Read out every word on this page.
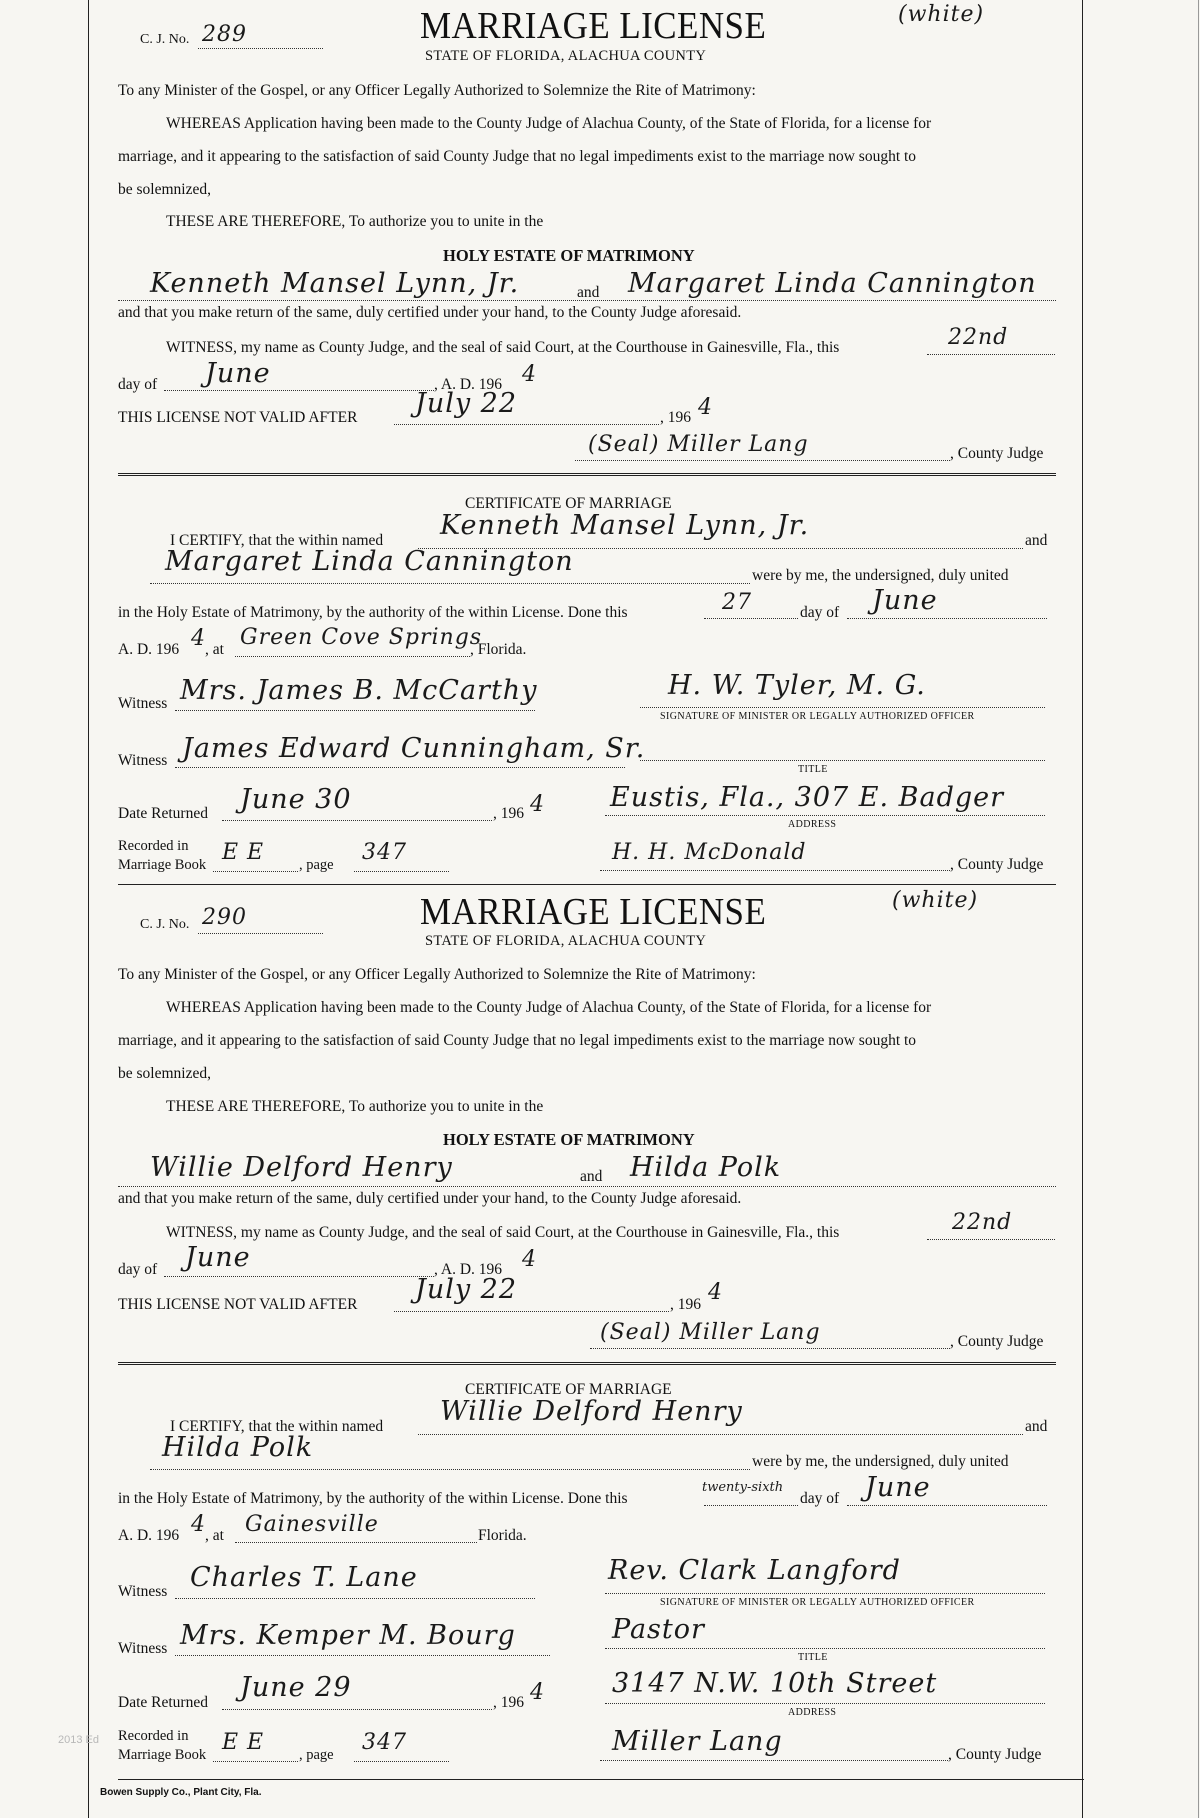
C. J. No. 289	MARRIAGE LICENSE	(white)
STATE OF FLORIDA, ALACHUA COUNTY
To any Minister of the Gospel, or any Officer Legally Authorized to Solemnize the Rite of Matrimony:
WHEREAS Application having been made to the County Judge of Alachua County, of the State of Florida, for a license for
marriage, and it appearing to the satisfaction of said County Judge that no legal impediments exist to the marriage now sought to
be solemnized,
THESE ARE THEREFORE, To authorize you to unite in the
HOLY ESTATE OF MATRIMONY
Kenneth Mansel Lynn, Jr.	and Margaret Linda Cannington
and that you make return of the same, duly certified under your hand, to the County Judge aforesaid.
WITNESS, my name as County Judge, and the seal of said Court, at the Courthouse in Gainesville, Fla., this	22nd
day of June	, A. D. 196 4
THIS LICENSE NOT VALID AFTER July 22	, 196 4
(Seal) Miller Lang	, County Judge
CERTIFICATE OF MARRIAGE
I CERTIFY, that the within named Kenneth Mansel Lynn, Jr.	and
Margaret Linda Cannington	were by me, the undersigned, duly united
in the Holy Estate of Matrimony, by the authority of the within License. Done this	27	day of June
A. D. 196 4 , at Green Cove Springs
, Florida.
Witness Mrs. James B. McCarthy	H. W. Tyler, M. G.
SIGNATURE OF MINISTER OR LEGALLY AUTHORIZED OFFICER
Witness James Edward Cunningham, Sr.
TITLE
Date Returned June 30	, 196 4 Eustis, Fla., 307 E. Badger
ADDRESS
Recorded in
Marriage Book E E , page 347	H. H. McDonald	, County Judge
C. J. No. 290	MARRIAGE LICENSE	(white)
STATE OF FLORIDA, ALACHUA COUNTY
To any Minister of the Gospel, or any Officer Legally Authorized to Solemnize the Rite of Matrimony:
WHEREAS Application having been made to the County Judge of Alachua County, of the State of Florida, for a license for
marriage, and it appearing to the satisfaction of said County Judge that no legal impediments exist to the marriage now sought to
be solemnized,
THESE ARE THEREFORE, To authorize you to unite in the
HOLY ESTATE OF MATRIMONY
Willie Delford Henry	and Hilda Polk
and that you make return of the same, duly certified under your hand, to the County Judge aforesaid.
WITNESS, my name as County Judge, and the seal of said Court, at the Courthouse in Gainesville, Fla., this	22nd
day of June	, A. D. 196 4
THIS LICENSE NOT VALID AFTER July 22	, 196 4
(Seal) Miller Lang	, County Judge
CERTIFICATE OF MARRIAGE
I CERTIFY, that the within named Willie Delford Henry	and
Hilda Polk	were by me, the undersigned, duly united
in the Holy Estate of Matrimony, by the authority of the within License. Done this
twenty-sixth
day of June
A. D. 196 4 , at Gainesville	Florida.
Witness Charles T. Lane	Rev. Clark Langford
SIGNATURE OF MINISTER OR LEGALLY AUTHORIZED OFFICER
Witness Mrs. Kemper M. Bourg	Pastor
TITLE
Date Returned June 29	, 196 4 3147 N.W. 10th Street
ADDRESS
Recorded in
Marriage Book E E , page 347	Miller Lang	, County Judge
Bowen Supply Co., Plant City, Fla.
2013 Ed
